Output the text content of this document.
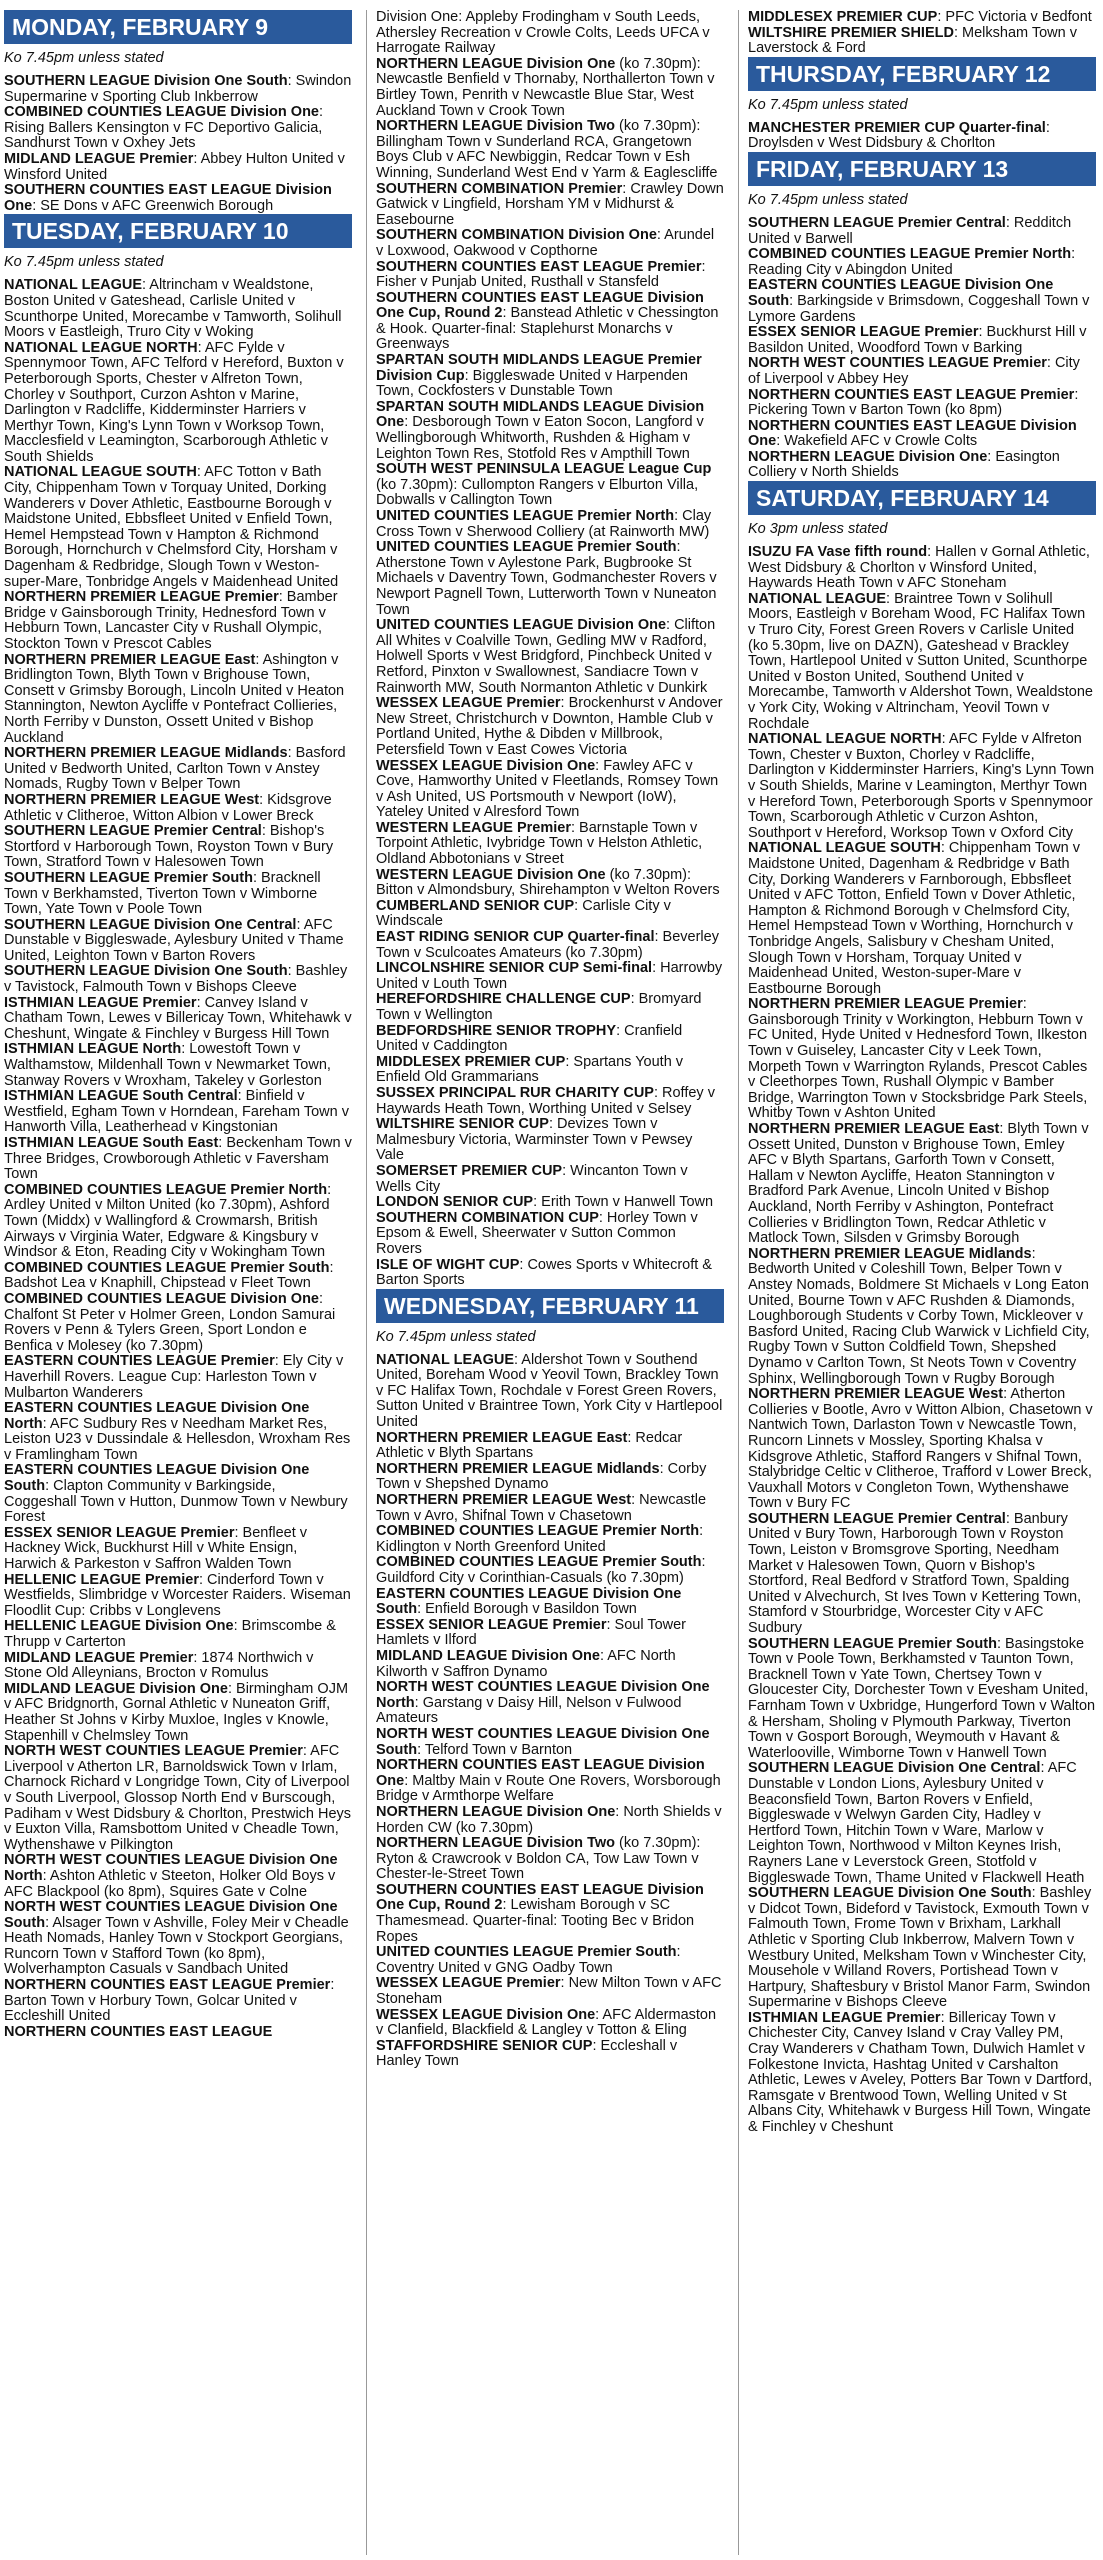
MONDAY, FEBRUARY 9
Ko 7.45pm unless stated

SOUTHERN LEAGUE Division One South: Swindon Supermarine v Sporting Club Inkberrow

COMBINED COUNTIES LEAGUE Division One: Rising Ballers Kensington v FC Deportivo Galicia, Sandhurst Town v Oxhey Jets

MIDLAND LEAGUE Premier: Abbey Hulton United v Winsford United

SOUTHERN COUNTIES EAST LEAGUE Division One: SE Dons v AFC Greenwich Borough

TUESDAY, FEBRUARY 10
Ko 7.45pm unless stated

NATIONAL LEAGUE: Altrincham v Wealdstone, Boston United v Gateshead, Carlisle United v Scunthorpe United, Morecambe v Tamworth, Solihull Moors v Eastleigh, Truro City v Woking

NATIONAL LEAGUE NORTH: AFC Fylde v Spennymoor Town, AFC Telford v Hereford, Buxton v Peterborough Sports, Chester v Alfreton Town, Chorley v Southport, Curzon Ashton v Marine, Darlington v Radcliffe, Kidderminster Harriers v Merthyr Town, King's Lynn Town v Worksop Town, Macclesfield v Leamington, Scarborough Athletic v South Shields

NATIONAL LEAGUE SOUTH: AFC Totton v Bath City, Chippenham Town v Torquay United, Dorking Wanderers v Dover Athletic, Eastbourne Borough v Maidstone United, Ebbsfleet United v Enfield Town, Hemel Hempstead Town v Hampton & Richmond Borough, Hornchurch v Chelmsford City, Horsham v Dagenham & Redbridge, Slough Town v Weston-super-Mare, Tonbridge Angels v Maidenhead United

NORTHERN PREMIER LEAGUE Premier: Bamber Bridge v Gainsborough Trinity, Hednesford Town v Hebburn Town, Lancaster City v Rushall Olympic, Stockton Town v Prescot Cables

NORTHERN PREMIER LEAGUE East: Ashington v Bridlington Town, Blyth Town v Brighouse Town, Consett v Grimsby Borough, Lincoln United v Heaton Stannington, Newton Aycliffe v Pontefract Collieries, North Ferriby v Dunston, Ossett United v Bishop Auckland

NORTHERN PREMIER LEAGUE Midlands: Basford United v Bedworth United, Carlton Town v Anstey Nomads, Rugby Town v Belper Town

NORTHERN PREMIER LEAGUE West: Kidsgrove Athletic v Clitheroe, Witton Albion v Lower Breck

SOUTHERN LEAGUE Premier Central: Bishop's Stortford v Harborough Town, Royston Town v Bury Town, Stratford Town v Halesowen Town

SOUTHERN LEAGUE Premier South: Bracknell Town v Berkhamsted, Tiverton Town v Wimborne Town, Yate Town v Poole Town

SOUTHERN LEAGUE Division One Central: AFC Dunstable v Biggleswade, Aylesbury United v Thame United, Leighton Town v Barton Rovers

SOUTHERN LEAGUE Division One South: Bashley v Tavistock, Falmouth Town v Bishops Cleeve

ISTHMIAN LEAGUE Premier: Canvey Island v Chatham Town, Lewes v Billericay Town, Whitehawk v Cheshunt, Wingate & Finchley v Burgess Hill Town

ISTHMIAN LEAGUE North: Lowestoft Town v Walthamstow, Mildenhall Town v Newmarket Town, Stanway Rovers v Wroxham, Takeley v Gorleston

ISTHMIAN LEAGUE South Central: Binfield v Westfield, Egham Town v Horndean, Fareham Town v Hanworth Villa, Leatherhead v Kingstonian

ISTHMIAN LEAGUE South East: Beckenham Town v Three Bridges, Crowborough Athletic v Faversham Town

COMBINED COUNTIES LEAGUE Premier North: Ardley United v Milton United (ko 7.30pm), Ashford Town (Middx) v Wallingford & Crowmarsh, British Airways v Virginia Water, Edgware & Kingsbury v Windsor & Eton, Reading City v Wokingham Town

COMBINED COUNTIES LEAGUE Premier South: Badshot Lea v Knaphill, Chipstead v Fleet Town

COMBINED COUNTIES LEAGUE Division One: Chalfont St Peter v Holmer Green, London Samurai Rovers v Penn & Tylers Green, Sport London e Benfica v Molesey (ko 7.30pm)

EASTERN COUNTIES LEAGUE Premier: Ely City v Haverhill Rovers. League Cup: Harleston Town v Mulbarton Wanderers

EASTERN COUNTIES LEAGUE Division One North: AFC Sudbury Res v Needham Market Res, Leiston U23 v Dussindale & Hellesdon, Wroxham Res v Framlingham Town

EASTERN COUNTIES LEAGUE Division One South: Clapton Community v Barkingside, Coggeshall Town v Hutton, Dunmow Town v Newbury Forest

ESSEX SENIOR LEAGUE Premier: Benfleet v Hackney Wick, Buckhurst Hill v White Ensign, Harwich & Parkeston v Saffron Walden Town

HELLENIC LEAGUE Premier: Cinderford Town v Westfields, Slimbridge v Worcester Raiders. Wiseman Floodlit Cup: Cribbs v Longlevens

HELLENIC LEAGUE Division One: Brimscombe & Thrupp v Carterton

MIDLAND LEAGUE Premier: 1874 Northwich v Stone Old Alleynians, Brocton v Romulus

MIDLAND LEAGUE Division One: Birmingham OJM v AFC Bridgnorth, Gornal Athletic v Nuneaton Griff, Heather St Johns v Kirby Muxloe, Ingles v Knowle, Stapenhill v Chelmsley Town

NORTH WEST COUNTIES LEAGUE Premier: AFC Liverpool v Atherton LR, Barnoldswick Town v Irlam, Charnock Richard v Longridge Town, City of Liverpool v South Liverpool, Glossop North End v Burscough, Padiham v West Didsbury & Chorlton, Prestwich Heys v Euxton Villa, Ramsbottom United v Cheadle Town, Wythenshawe v Pilkington

NORTH WEST COUNTIES LEAGUE Division One North: Ashton Athletic v Steeton, Holker Old Boys v AFC Blackpool (ko 8pm), Squires Gate v Colne

NORTH WEST COUNTIES LEAGUE Division One South: Alsager Town v Ashville, Foley Meir v Cheadle Heath Nomads, Hanley Town v Stockport Georgians, Runcorn Town v Stafford Town (ko 8pm), Wolverhampton Casuals v Sandbach United

NORTHERN COUNTIES EAST LEAGUE Premier: Barton Town v Horbury Town, Golcar United v Eccleshill United

NORTHERN COUNTIES EAST LEAGUE

Division One: Appleby Frodingham v South Leeds, Athersley Recreation v Crowle Colts, Leeds UFCA v Harrogate Railway

NORTHERN LEAGUE Division One (ko 7.30pm): Newcastle Benfield v Thornaby, Northallerton Town v Birtley Town, Penrith v Newcastle Blue Star, West Auckland Town v Crook Town

NORTHERN LEAGUE Division Two (ko 7.30pm): Billingham Town v Sunderland RCA, Grangetown Boys Club v AFC Newbiggin, Redcar Town v Esh Winning, Sunderland West End v Yarm & Eaglescliffe

SOUTHERN COMBINATION Premier: Crawley Down Gatwick v Lingfield, Horsham YM v Midhurst & Easebourne

SOUTHERN COMBINATION Division One: Arundel v Loxwood, Oakwood v Copthorne

SOUTHERN COUNTIES EAST LEAGUE Premier: Fisher v Punjab United, Rusthall v Stansfeld

SOUTHERN COUNTIES EAST LEAGUE Division One Cup, Round 2: Banstead Athletic v Chessington & Hook. Quarter-final: Staplehurst Monarchs v Greenways

SPARTAN SOUTH MIDLANDS LEAGUE Premier Division Cup: Biggleswade United v Harpenden Town, Cockfosters v Dunstable Town

SPARTAN SOUTH MIDLANDS LEAGUE Division One: Desborough Town v Eaton Socon, Langford v Wellingborough Whitworth, Rushden & Higham v Leighton Town Res, Stotfold Res v Ampthill Town

SOUTH WEST PENINSULA LEAGUE League Cup (ko 7.30pm): Cullompton Rangers v Elburton Villa, Dobwalls v Callington Town

UNITED COUNTIES LEAGUE Premier North: Clay Cross Town v Sherwood Colliery (at Rainworth MW)

UNITED COUNTIES LEAGUE Premier South: Atherstone Town v Aylestone Park, Bugbrooke St Michaels v Daventry Town, Godmanchester Rovers v Newport Pagnell Town, Lutterworth Town v Nuneaton Town

UNITED COUNTIES LEAGUE Division One: Clifton All Whites v Coalville Town, Gedling MW v Radford, Holwell Sports v West Bridgford, Pinchbeck United v Retford, Pinxton v Swallownest, Sandiacre Town v Rainworth MW, South Normanton Athletic v Dunkirk

WESSEX LEAGUE Premier: Brockenhurst v Andover New Street, Christchurch v Downton, Hamble Club v Portland United, Hythe & Dibden v Millbrook, Petersfield Town v East Cowes Victoria

WESSEX LEAGUE Division One: Fawley AFC v Cove, Hamworthy United v Fleetlands, Romsey Town v Ash United, US Portsmouth v Newport (IoW), Yateley United v Alresford Town

WESTERN LEAGUE Premier: Barnstaple Town v Torpoint Athletic, Ivybridge Town v Helston Athletic, Oldland Abbotonians v Street

WESTERN LEAGUE Division One (ko 7.30pm): Bitton v Almondsbury, Shirehampton v Welton Rovers

CUMBERLAND SENIOR CUP: Carlisle City v Windscale

EAST RIDING SENIOR CUP Quarter-final: Beverley Town v Sculcoates Amateurs (ko 7.30pm)

LINCOLNSHIRE SENIOR CUP Semi-final: Harrowby United v Louth Town

HEREFORDSHIRE CHALLENGE CUP: Bromyard Town v Wellington

BEDFORDSHIRE SENIOR TROPHY: Cranfield United v Caddington

MIDDLESEX PREMIER CUP: Spartans Youth v Enfield Old Grammarians

SUSSEX PRINCIPAL RUR CHARITY CUP: Roffey v Haywards Heath Town, Worthing United v Selsey

WILTSHIRE SENIOR CUP: Devizes Town v Malmesbury Victoria, Warminster Town v Pewsey Vale

SOMERSET PREMIER CUP: Wincanton Town v Wells City

LONDON SENIOR CUP: Erith Town v Hanwell Town

SOUTHERN COMBINATION CUP: Horley Town v Epsom & Ewell, Sheerwater v Sutton Common Rovers

ISLE OF WIGHT CUP: Cowes Sports v Whitecroft & Barton Sports

WEDNESDAY, FEBRUARY 11
Ko 7.45pm unless stated

NATIONAL LEAGUE: Aldershot Town v Southend United, Boreham Wood v Yeovil Town, Brackley Town v FC Halifax Town, Rochdale v Forest Green Rovers, Sutton United v Braintree Town, York City v Hartlepool United

NORTHERN PREMIER LEAGUE East: Redcar Athletic v Blyth Spartans

NORTHERN PREMIER LEAGUE Midlands: Corby Town v Shepshed Dynamo

NORTHERN PREMIER LEAGUE West: Newcastle Town v Avro, Shifnal Town v Chasetown

COMBINED COUNTIES LEAGUE Premier North: Kidlington v North Greenford United

COMBINED COUNTIES LEAGUE Premier South: Guildford City v Corinthian-Casuals (ko 7.30pm)

EASTERN COUNTIES LEAGUE Division One South: Enfield Borough v Basildon Town

ESSEX SENIOR LEAGUE Premier: Soul Tower Hamlets v Ilford

MIDLAND LEAGUE Division One: AFC North Kilworth v Saffron Dynamo

NORTH WEST COUNTIES LEAGUE Division One North: Garstang v Daisy Hill, Nelson v Fulwood Amateurs

NORTH WEST COUNTIES LEAGUE Division One South: Telford Town v Barnton

NORTHERN COUNTIES EAST LEAGUE Division One: Maltby Main v Route One Rovers, Worsborough Bridge v Armthorpe Welfare

NORTHERN LEAGUE Division One: North Shields v Horden CW (ko 7.30pm)

NORTHERN LEAGUE Division Two (ko 7.30pm): Ryton & Crawcrook v Boldon CA, Tow Law Town v Chester-le-Street Town

SOUTHERN COUNTIES EAST LEAGUE Division One Cup, Round 2: Lewisham Borough v SC Thamesmead. Quarter-final: Tooting Bec v Bridon Ropes

UNITED COUNTIES LEAGUE Premier South: Coventry United v GNG Oadby Town

WESSEX LEAGUE Premier: New Milton Town v AFC Stoneham

WESSEX LEAGUE Division One: AFC Aldermaston v Clanfield, Blackfield & Langley v Totton & Eling

STAFFORDSHIRE SENIOR CUP: Eccleshall v Hanley Town

MIDDLESEX PREMIER CUP: PFC Victoria v Bedfont

WILTSHIRE PREMIER SHIELD: Melksham Town v Laverstock & Ford

THURSDAY, FEBRUARY 12
Ko 7.45pm unless stated

MANCHESTER PREMIER CUP Quarter-final: Droylsden v West Didsbury & Chorlton

FRIDAY, FEBRUARY 13
Ko 7.45pm unless stated

SOUTHERN LEAGUE Premier Central: Redditch United v Barwell

COMBINED COUNTIES LEAGUE Premier North: Reading City v Abingdon United

EASTERN COUNTIES LEAGUE Division One South: Barkingside v Brimsdown, Coggeshall Town v Lymore Gardens

ESSEX SENIOR LEAGUE Premier: Buckhurst Hill v Basildon United, Woodford Town v Barking

NORTH WEST COUNTIES LEAGUE Premier: City of Liverpool v Abbey Hey

NORTHERN COUNTIES EAST LEAGUE Premier: Pickering Town v Barton Town (ko 8pm)

NORTHERN COUNTIES EAST LEAGUE Division One: Wakefield AFC v Crowle Colts

NORTHERN LEAGUE Division One: Easington Colliery v North Shields

SATURDAY, FEBRUARY 14
Ko 3pm unless stated

ISUZU FA Vase fifth round: Hallen v Gornal Athletic, West Didsbury & Chorlton v Winsford United, Haywards Heath Town v AFC Stoneham

NATIONAL LEAGUE: Braintree Town v Solihull Moors, Eastleigh v Boreham Wood, FC Halifax Town v Truro City, Forest Green Rovers v Carlisle United (ko 5.30pm, live on DAZN), Gateshead v Brackley Town, Hartlepool United v Sutton United, Scunthorpe United v Boston United, Southend United v Morecambe, Tamworth v Aldershot Town, Wealdstone v York City, Woking v Altrincham, Yeovil Town v Rochdale

NATIONAL LEAGUE NORTH: AFC Fylde v Alfreton Town, Chester v Buxton, Chorley v Radcliffe, Darlington v Kidderminster Harriers, King's Lynn Town v South Shields, Marine v Leamington, Merthyr Town v Hereford Town, Peterborough Sports v Spennymoor Town, Scarborough Athletic v Curzon Ashton, Southport v Hereford, Worksop Town v Oxford City

NATIONAL LEAGUE SOUTH: Chippenham Town v Maidstone United, Dagenham & Redbridge v Bath City, Dorking Wanderers v Farnborough, Ebbsfleet United v AFC Totton, Enfield Town v Dover Athletic, Hampton & Richmond Borough v Chelmsford City, Hemel Hempstead Town v Worthing, Hornchurch v Tonbridge Angels, Salisbury v Chesham United, Slough Town v Horsham, Torquay United v Maidenhead United, Weston-super-Mare v Eastbourne Borough

NORTHERN PREMIER LEAGUE Premier: Gainsborough Trinity v Workington, Hebburn Town v FC United, Hyde United v Hednesford Town, Ilkeston Town v Guiseley, Lancaster City v Leek Town, Morpeth Town v Warrington Rylands, Prescot Cables v Cleethorpes Town, Rushall Olympic v Bamber Bridge, Warrington Town v Stocksbridge Park Steels, Whitby Town v Ashton United

NORTHERN PREMIER LEAGUE East: Blyth Town v Ossett United, Dunston v Brighouse Town, Emley AFC v Blyth Spartans, Garforth Town v Consett, Hallam v Newton Aycliffe, Heaton Stannington v Bradford Park Avenue, Lincoln United v Bishop Auckland, North Ferriby v Ashington, Pontefract Collieries v Bridlington Town, Redcar Athletic v Matlock Town, Silsden v Grimsby Borough

NORTHERN PREMIER LEAGUE Midlands: Bedworth United v Coleshill Town, Belper Town v Anstey Nomads, Boldmere St Michaels v Long Eaton United, Bourne Town v AFC Rushden & Diamonds, Loughborough Students v Corby Town, Mickleover v Basford United, Racing Club Warwick v Lichfield City, Rugby Town v Sutton Coldfield Town, Shepshed Dynamo v Carlton Town, St Neots Town v Coventry Sphinx, Wellingborough Town v Rugby Borough

NORTHERN PREMIER LEAGUE West: Atherton Collieries v Bootle, Avro v Witton Albion, Chasetown v Nantwich Town, Darlaston Town v Newcastle Town, Runcorn Linnets v Mossley, Sporting Khalsa v Kidsgrove Athletic, Stafford Rangers v Shifnal Town, Stalybridge Celtic v Clitheroe, Trafford v Lower Breck, Vauxhall Motors v Congleton Town, Wythenshawe Town v Bury FC

SOUTHERN LEAGUE Premier Central: Banbury United v Bury Town, Harborough Town v Royston Town, Leiston v Bromsgrove Sporting, Needham Market v Halesowen Town, Quorn v Bishop's Stortford, Real Bedford v Stratford Town, Spalding United v Alvechurch, St Ives Town v Kettering Town, Stamford v Stourbridge, Worcester City v AFC Sudbury

SOUTHERN LEAGUE Premier South: Basingstoke Town v Poole Town, Berkhamsted v Taunton Town, Bracknell Town v Yate Town, Chertsey Town v Gloucester City, Dorchester Town v Evesham United, Farnham Town v Uxbridge, Hungerford Town v Walton & Hersham, Sholing v Plymouth Parkway, Tiverton Town v Gosport Borough, Weymouth v Havant & Waterlooville, Wimborne Town v Hanwell Town

SOUTHERN LEAGUE Division One Central: AFC Dunstable v London Lions, Aylesbury United v Beaconsfield Town, Barton Rovers v Enfield, Biggleswade v Welwyn Garden City, Hadley v Hertford Town, Hitchin Town v Ware, Marlow v Leighton Town, Northwood v Milton Keynes Irish, Rayners Lane v Leverstock Green, Stotfold v Biggleswade Town, Thame United v Flackwell Heath

SOUTHERN LEAGUE Division One South: Bashley v Didcot Town, Bideford v Tavistock, Exmouth Town v Falmouth Town, Frome Town v Brixham, Larkhall Athletic v Sporting Club Inkberrow, Malvern Town v Westbury United, Melksham Town v Winchester City, Mousehole v Willand Rovers, Portishead Town v Hartpury, Shaftesbury v Bristol Manor Farm, Swindon Supermarine v Bishops Cleeve

ISTHMIAN LEAGUE Premier: Billericay Town v Chichester City, Canvey Island v Cray Valley PM, Cray Wanderers v Chatham Town, Dulwich Hamlet v Folkestone Invicta, Hashtag United v Carshalton Athletic, Lewes v Aveley, Potters Bar Town v Dartford, Ramsgate v Brentwood Town, Welling United v St Albans City, Whitehawk v Burgess Hill Town, Wingate & Finchley v Cheshunt
